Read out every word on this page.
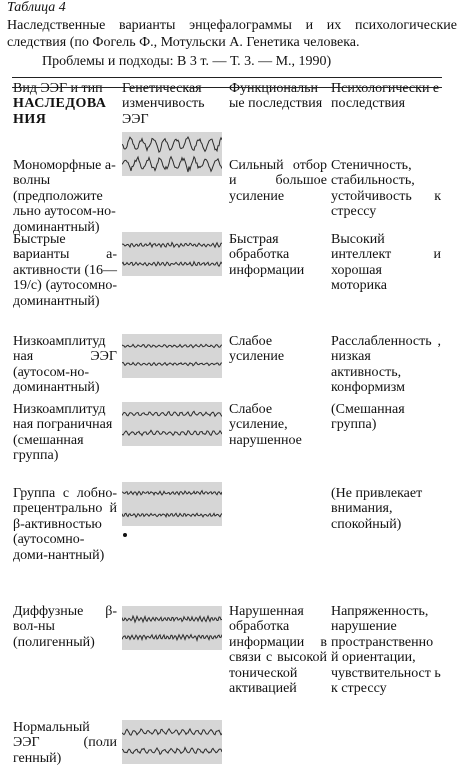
Таблица 4
Наследственные варианты энцефалограммы и их психологические следствия (по Фогель Ф., Мотульски А. Генетика человека.
Проблемы и подходы: В 3 т. — Т. 3. — М., 1990)
Вид ЭЭГ и тип
НАСЛЕДОВА НИЯ
Генетическая изменчивость ЭЭГ
Функциональн ые последствия
Психологически е последствия
Мономорфные а-волны (предположите льно аутосом-но-доминантный)
Сильный отбор и большое усиление
Стеничность, стабильность, устойчивость к стрессу
Быстрые варианты а-активности (16— 19/с) (аутосомно-доминантный)
Быстрая обработка информации
Высокий интеллект и хорошая моторика
Низкоамплитуд ная ЭЭГ (аутосом-но-доминантный)
Слабое усиление
Расслабленность , низкая активность, конформизм
Низкоамплитуд ная пограничная (смешанная группа)
Слабое усиление, нарушенное
(Смешанная группа)
Группа с лобно-прецентрально й β-активностью (аутосомно-доми-нантный)
(Не привлекает внимания, спокойный)
Диффузные β-вол-ны (полигенный)
Нарушенная обработка информации в связи с высокой тонической активацией
Напряженность, нарушение пространственно й ориентации, чувствительност ь к стрессу
Нормальный ЭЭГ (поли генный)
